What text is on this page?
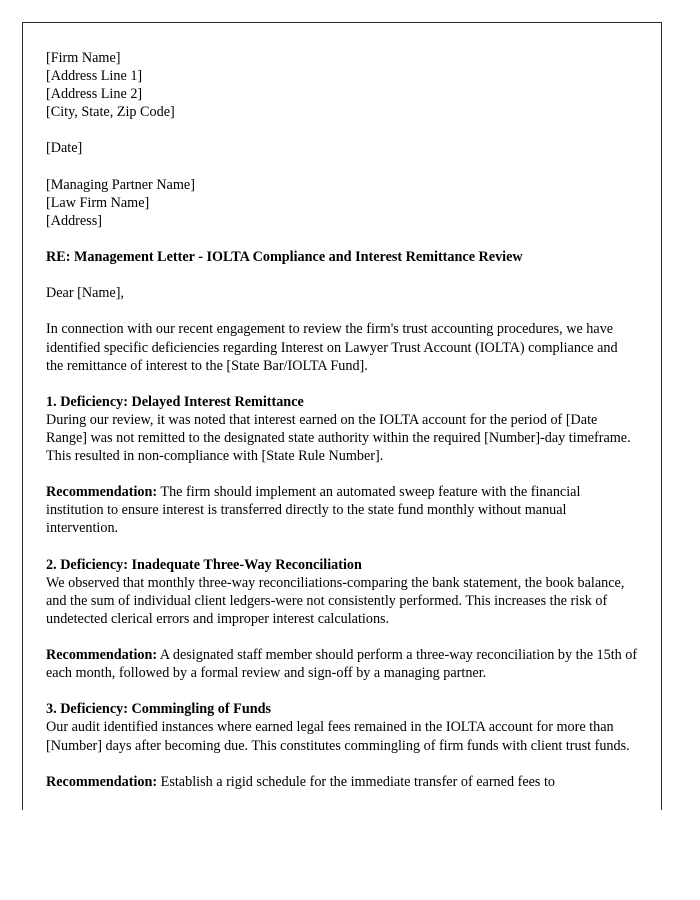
[Firm Name]
[Address Line 1]
[Address Line 2]
[City, State, Zip Code]
[Date]
[Managing Partner Name]
[Law Firm Name]
[Address]
RE: Management Letter - IOLTA Compliance and Interest Remittance Review
Dear [Name],
In connection with our recent engagement to review the firm's trust accounting procedures, we have identified specific deficiencies regarding Interest on Lawyer Trust Account (IOLTA) compliance and the remittance of interest to the [State Bar/IOLTA Fund].
1. Deficiency: Delayed Interest Remittance
During our review, it was noted that interest earned on the IOLTA account for the period of [Date Range] was not remitted to the designated state authority within the required [Number]-day timeframe. This resulted in non-compliance with [State Rule Number].
Recommendation: The firm should implement an automated sweep feature with the financial institution to ensure interest is transferred directly to the state fund monthly without manual intervention.
2. Deficiency: Inadequate Three-Way Reconciliation
We observed that monthly three-way reconciliations-comparing the bank statement, the book balance, and the sum of individual client ledgers-were not consistently performed. This increases the risk of undetected clerical errors and improper interest calculations.
Recommendation: A designated staff member should perform a three-way reconciliation by the 15th of each month, followed by a formal review and sign-off by a managing partner.
3. Deficiency: Commingling of Funds
Our audit identified instances where earned legal fees remained in the IOLTA account for more than [Number] days after becoming due. This constitutes commingling of firm funds with client trust funds.
Recommendation: Establish a rigid schedule for the immediate transfer of earned fees to
